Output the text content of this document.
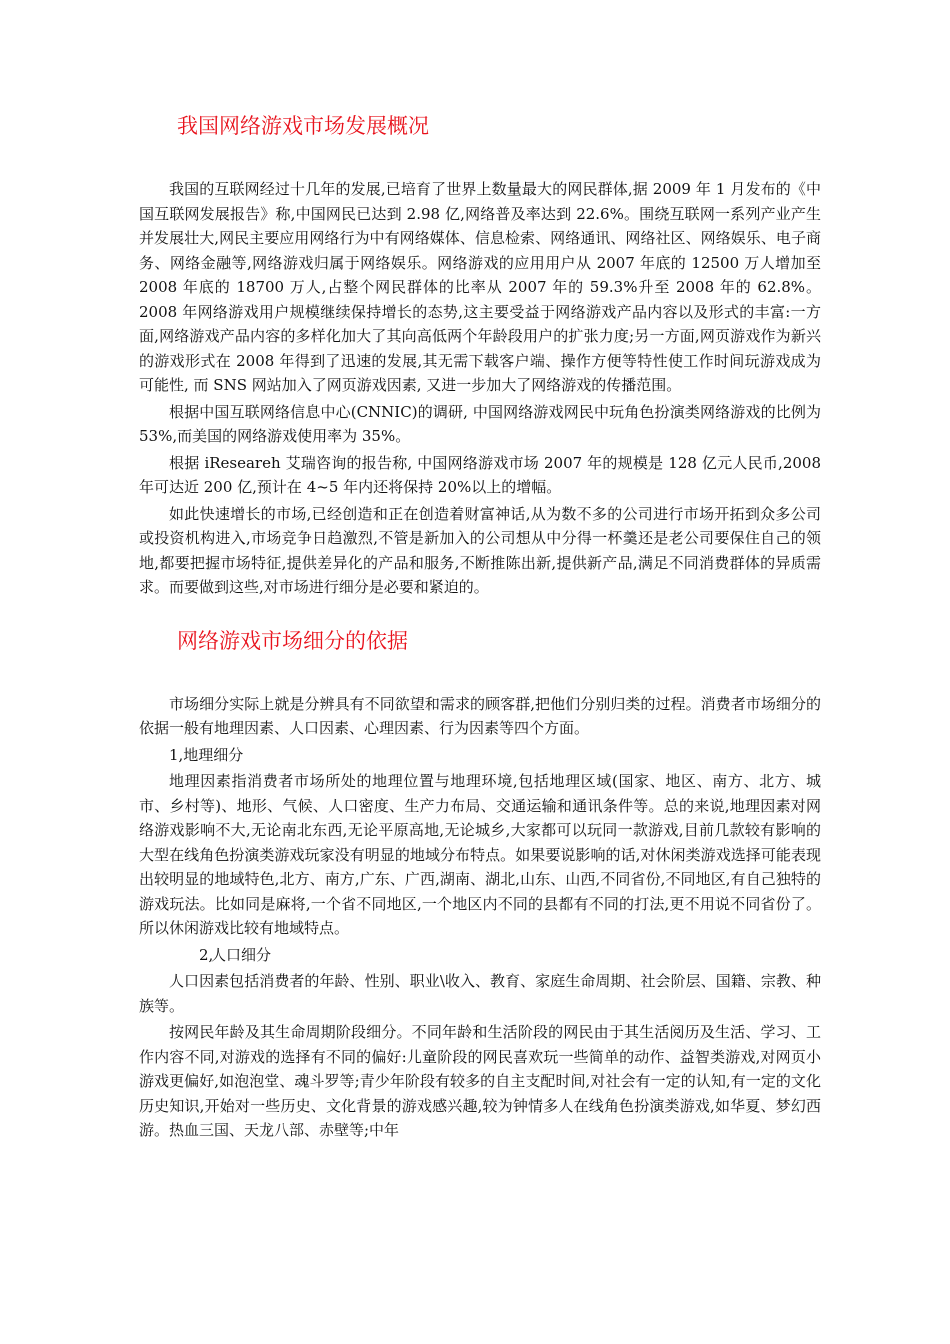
我国网络游戏市场发展概况

我国的互联网经过十几年的发展,已培育了世界上数量最大的网民群体,据 2009 年 1 月发布的《中国互联网发展报告》称,中国网民已达到 2.98 亿,网络普及率达到 22.6%。围绕互联网一系列产业产生并发展壮大,网民主要应用网络行为中有网络媒体、信息检索、网络通讯、网络社区、网络娱乐、电子商务、网络金融等,网络游戏归属于网络娱乐。网络游戏的应用用户从 2007 年底的 12500 万人增加至 2008 年底的 18700 万人,占整个网民群体的比率从 2007 年的 59.3%升至 2008 年的 62.8%。2008 年网络游戏用户规模继续保持增长的态势,这主要受益于网络游戏产品内容以及形式的丰富:一方面,网络游戏产品内容的多样化加大了其向高低两个年龄段用户的扩张力度;另一方面,网页游戏作为新兴的游戏形式在 2008 年得到了迅速的发展,其无需下载客户端、操作方便等特性使工作时间玩游戏成为可能性, 而 SNS 网站加入了网页游戏因素, 又进一步加大了网络游戏的传播范围。

根据中国互联网络信息中心(CNNIC)的调研, 中国网络游戏网民中玩角色扮演类网络游戏的比例为 53%,而美国的网络游戏使用率为 35%。

根据 iReseareh 艾瑞咨询的报告称, 中国网络游戏市场 2007 年的规模是 128 亿元人民币,2008 年可达近 200 亿,预计在 4~5 年内还将保持 20%以上的增幅。

如此快速增长的市场,已经创造和正在创造着财富神话,从为数不多的公司进行市场开拓到众多公司或投资机构进入,市场竞争日趋激烈,不管是新加入的公司想从中分得一杯羹还是老公司要保住自己的领地,都要把握市场特征,提供差异化的产品和服务,不断推陈出新,提供新产品,满足不同消费群体的异质需求。而要做到这些,对市场进行细分是必要和紧迫的。

网络游戏市场细分的依据

市场细分实际上就是分辨具有不同欲望和需求的顾客群,把他们分别归类的过程。消费者市场细分的依据一般有地理因素、人口因素、心理因素、行为因素等四个方面。

1,地理细分

地理因素指消费者市场所处的地理位置与地理环境,包括地理区域(国家、地区、南方、北方、城市、乡村等)、地形、气候、人口密度、生产力布局、交通运输和通讯条件等。总的来说,地理因素对网络游戏影响不大,无论南北东西,无论平原高地,无论城乡,大家都可以玩同一款游戏,目前几款较有影响的大型在线角色扮演类游戏玩家没有明显的地域分布特点。如果要说影响的话,对休闲类游戏选择可能表现出较明显的地域特色,北方、南方,广东、广西,湖南、湖北,山东、山西,不同省份,不同地区,有自己独特的游戏玩法。比如同是麻将,一个省不同地区,一个地区内不同的县都有不同的打法,更不用说不同省份了。所以休闲游戏比较有地域特点。

2,人口细分

人口因素包括消费者的年龄、性别、职业\收入、教育、家庭生命周期、社会阶层、国籍、宗教、种族等。

按网民年龄及其生命周期阶段细分。不同年龄和生活阶段的网民由于其生活阅历及生活、学习、工作内容不同,对游戏的选择有不同的偏好:儿童阶段的网民喜欢玩一些简单的动作、益智类游戏,对网页小游戏更偏好,如泡泡堂、魂斗罗等;青少年阶段有较多的自主支配时间,对社会有一定的认知,有一定的文化历史知识,开始对一些历史、文化背景的游戏感兴趣,较为钟情多人在线角色扮演类游戏,如华夏、梦幻西游。热血三国、天龙八部、赤壁等;中年
